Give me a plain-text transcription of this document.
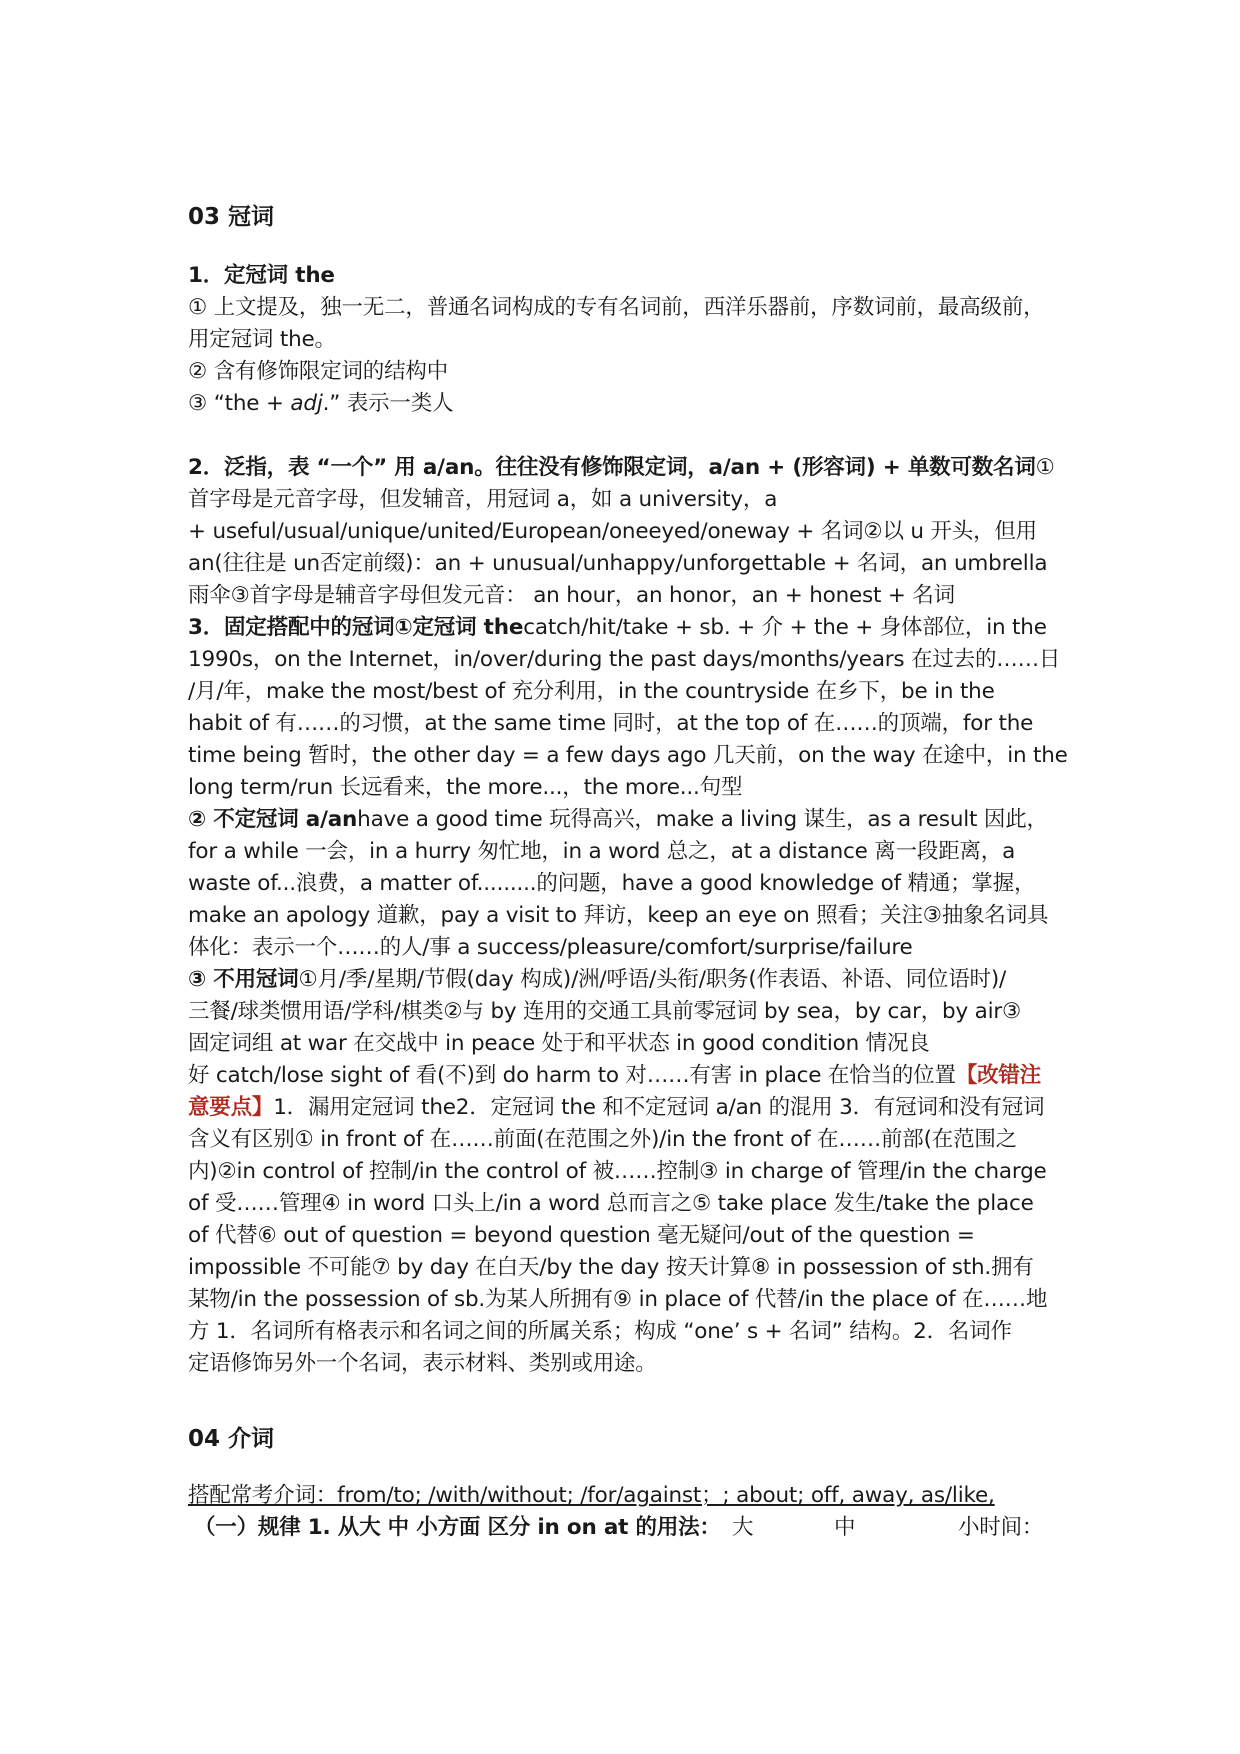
03 冠词
1．定冠词 the
① 上文提及，独一无二，普通名词构成的专有名词前，西洋乐器前，序数词前，最高级前，
用定冠词 the。
② 含有修饰限定词的结构中
③ “the + adj.” 表示一类人
2．泛指，表 “一个” 用 a/an。往往没有修饰限定词，a/an + (形容词) + 单数可数名词①
首字母是元音字母，但发辅音，用冠词 a，如 a university，a
+ useful/usual/unique/united/European/oneeyed/oneway + 名词②以 u 开头，但用
an(往往是 un否定前缀)：an + unusual/unhappy/unforgettable + 名词，an umbrella
雨伞③首字母是辅音字母但发元音： an hour，an honor，an + honest + 名词
3．固定搭配中的冠词①定冠词 thecatch/hit/take + sb. + 介 + the + 身体部位，in the
1990s，on the Internet，in/over/during the past days/months/years 在过去的……日
/月/年，make the most/best of 充分利用，in the countryside 在乡下，be in the
habit of 有……的习惯，at the same time 同时，at the top of 在……的顶端，for the
time being 暂时，the other day = a few days ago 几天前，on the way 在途中，in the
long term/run 长远看来，the more...，the more...句型
② 不定冠词 a/anhave a good time 玩得高兴，make a living 谋生，as a result 因此，
for a while 一会，in a hurry 匆忙地，in a word 总之，at a distance 离一段距离，a
waste of...浪费，a matter of.........的问题，have a good knowledge of 精通；掌握，
make an apology 道歉，pay a visit to 拜访，keep an eye on 照看；关注③抽象名词具
体化：表示一个……的人/事 a success/pleasure/comfort/surprise/failure
③ 不用冠词①月/季/星期/节假(day 构成)/洲/呼语/头衔/职务(作表语、补语、同位语时)/
三餐/球类惯用语/学科/棋类②与 by 连用的交通工具前零冠词 by sea，by car，by air③
固定词组 at war 在交战中 in peace 处于和平状态 in good condition 情况良
好 catch/lose sight of 看(不)到 do harm to 对……有害 in place 在恰当的位置【改错注
意要点】1．漏用定冠词 the2．定冠词 the 和不定冠词 a/an 的混用 3．有冠词和没有冠词
含义有区别① in front of 在……前面(在范围之外)/in the front of 在……前部(在范围之
内)②in control of 控制/in the control of 被……控制③ in charge of 管理/in the charge
of 受……管理④ in word 口头上/in a word 总而言之⑤ take place 发生/take the place
of 代替⑥ out of question = beyond question 毫无疑问/out of the question =
impossible 不可能⑦ by day 在白天/by the day 按天计算⑧ in possession of sth.拥有
某物/in the possession of sb.为某人所拥有⑨ in place of 代替/in the place of 在……地
方 1．名词所有格表示和名词之间的所属关系；构成 “one’ s + 名词” 结构。2．名词作
定语修饰另外一个名词，表示材料、类别或用途。
04 介词
搭配常考介词：from/to; /with/without; /for/against；; about; off, away, as/like,
（一）规律 1. 从大 中 小方面 区分 in on at 的用法： 大	中	小时间：
